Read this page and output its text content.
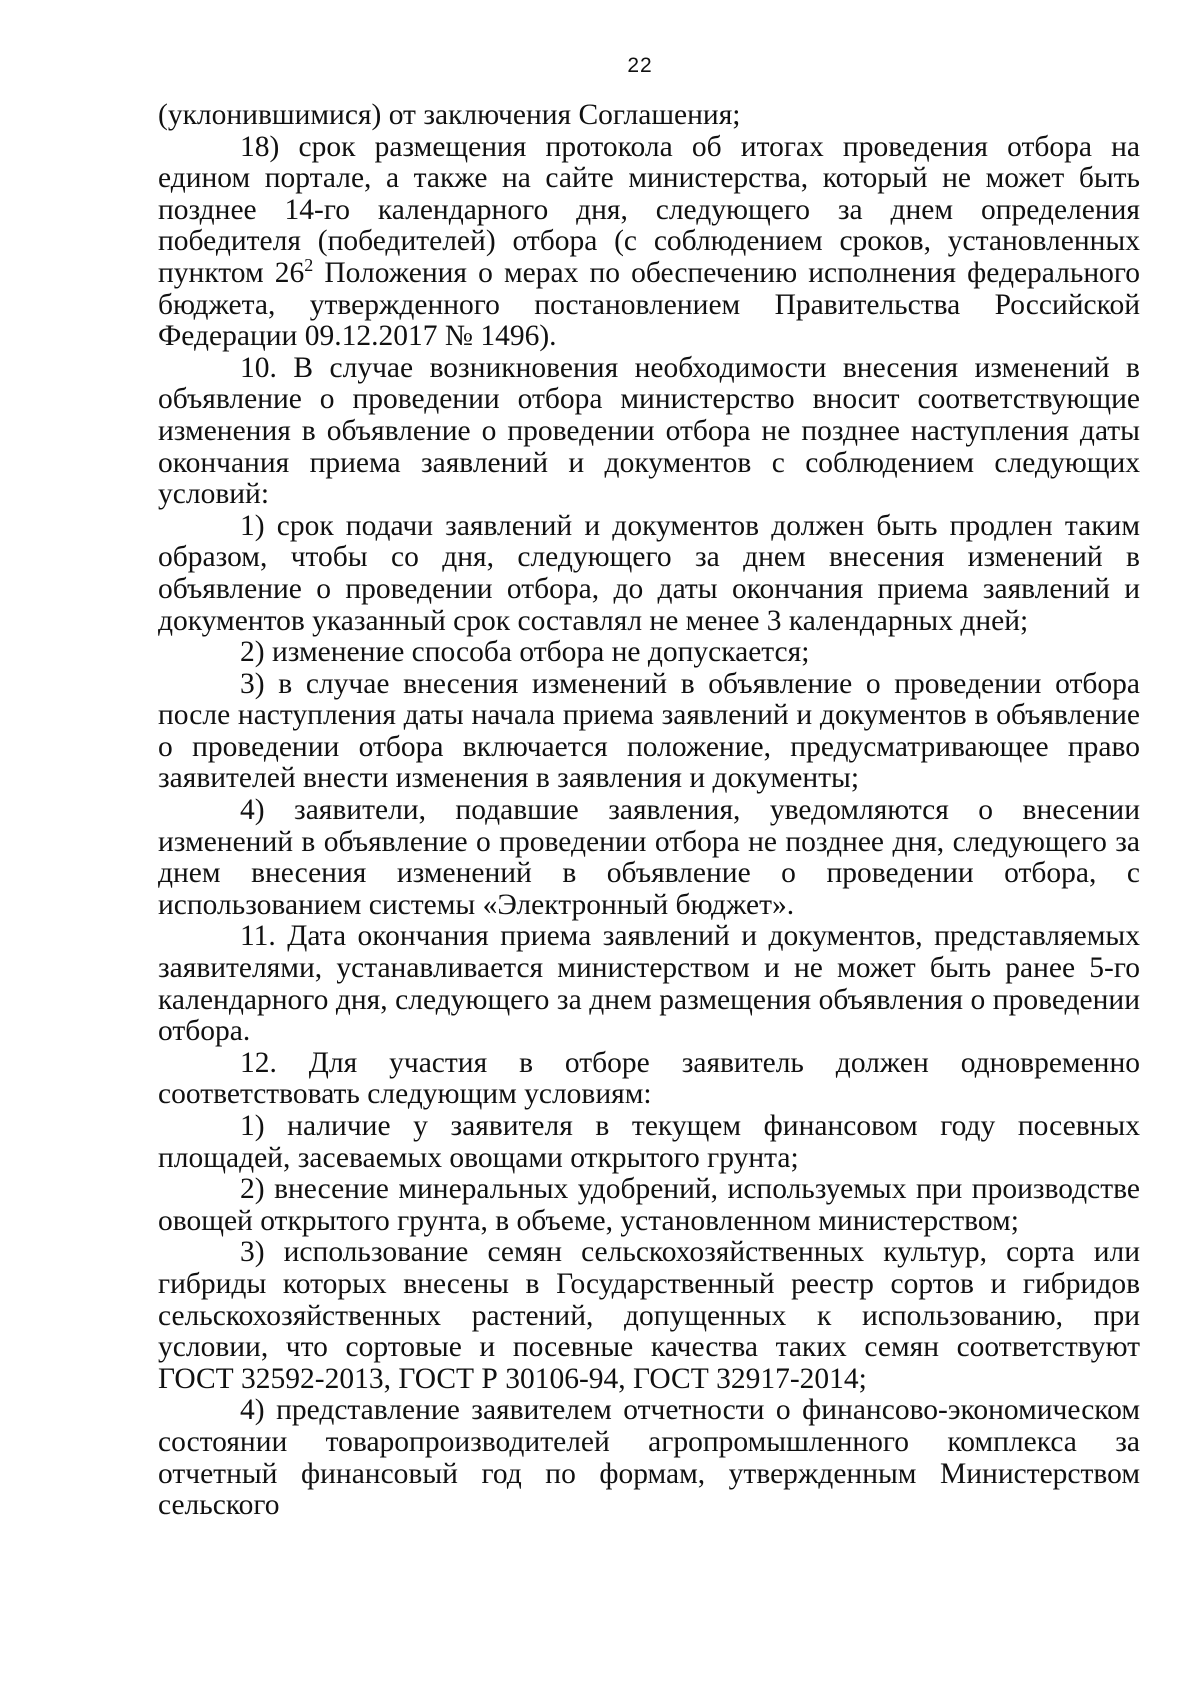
22

(уклонившимися) от заключения Соглашения;

18) срок размещения протокола об итогах проведения отбора на едином портале, а также на сайте министерства, который не может быть позднее 14-го календарного дня, следующего за днем определения победителя (победителей) отбора (с соблюдением сроков, установленных пунктом $26^2$ Положения о мерах по обеспечению исполнения федерального бюджета, утвержденного постановлением Правительства Российской Федерации 09.12.2017 № 1496).

10. В случае возникновения необходимости внесения изменений в объявление о проведении отбора министерство вносит соответствующие изменения в объявление о проведении отбора не позднее наступления даты окончания приема заявлений и документов с соблюдением следующих условий:

1) срок подачи заявлений и документов должен быть продлен таким образом, чтобы со дня, следующего за днем внесения изменений в объявление о проведении отбора, до даты окончания приема заявлений и документов указанный срок составлял не менее 3 календарных дней;

2) изменение способа отбора не допускается;

3) в случае внесения изменений в объявление о проведении отбора после наступления даты начала приема заявлений и документов в объявление о проведении отбора включается положение, предусматривающее право заявителей внести изменения в заявления и документы;

4) заявители, подавшие заявления, уведомляются о внесении изменений в объявление о проведении отбора не позднее дня, следующего за днем внесения изменений в объявление о проведении отбора, с использованием системы «Электронный бюджет».

11. Дата окончания приема заявлений и документов, представляемых заявителями, устанавливается министерством и не может быть ранее 5-го календарного дня, следующего за днем размещения объявления о проведении отбора.

12. Для участия в отборе заявитель должен одновременно соответствовать следующим условиям:

1) наличие у заявителя в текущем финансовом году посевных площадей, засеваемых овощами открытого грунта;

2) внесение минеральных удобрений, используемых при производстве овощей открытого грунта, в объеме, установленном министерством;

3) использование семян сельскохозяйственных культур, сорта или гибриды которых внесены в Государственный реестр сортов и гибридов сельскохозяйственных растений, допущенных к использованию, при условии, что сортовые и посевные качества таких семян соответствуют ГОСТ 32592-2013, ГОСТ Р 30106-94, ГОСТ 32917-2014;

4) представление заявителем отчетности о финансово-экономическом состоянии товаропроизводителей агропромышленного комплекса за отчетный финансовый год по формам, утвержденным Министерством сельского
